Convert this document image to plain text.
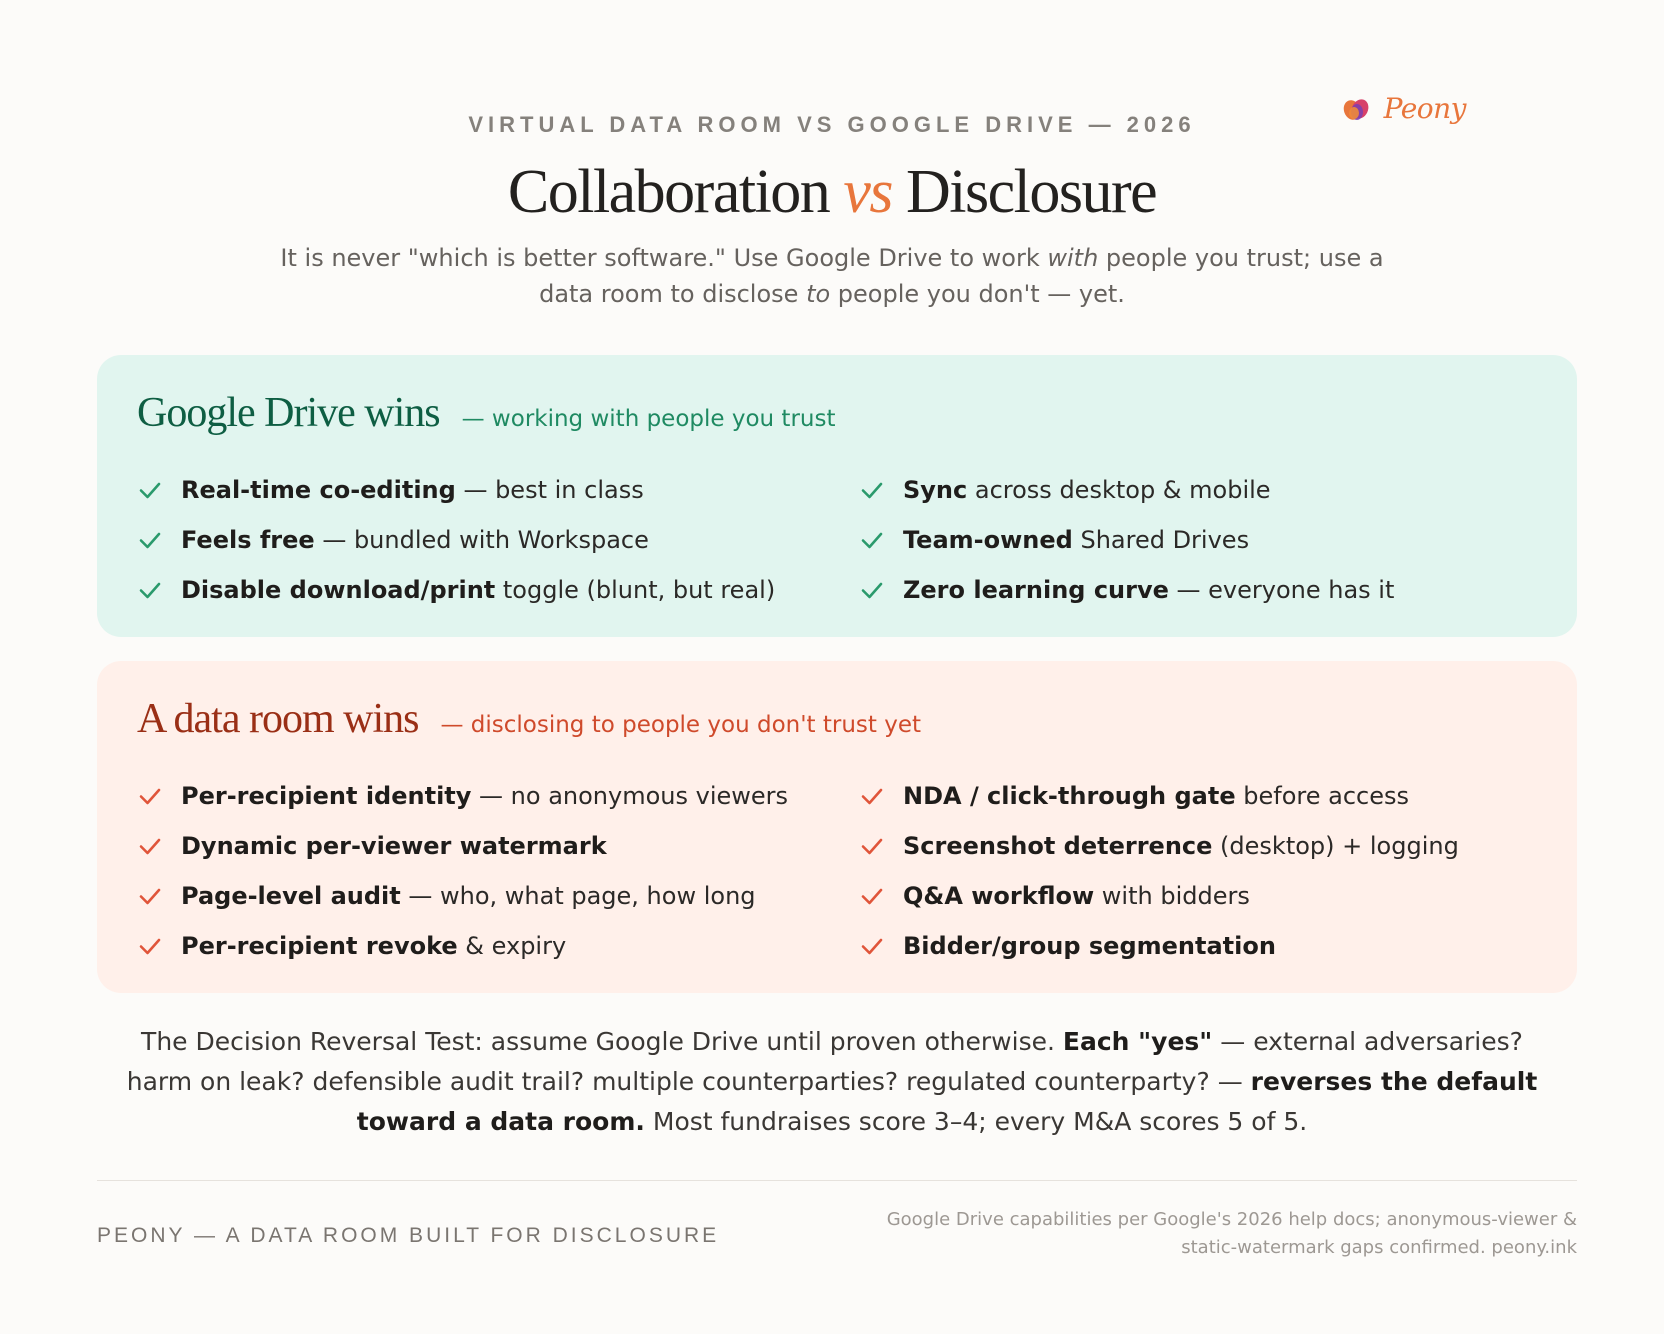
Peony
VIRTUAL DATA ROOM VS GOOGLE DRIVE — 2026
Collaboration vs Disclosure

It is never "which is better software." Use Google Drive to work with people you trust; use a data room to disclose to people you don't — yet.

Google Drive wins — working with people you trust
Real-time co-editing — best in class	Sync across desktop & mobile
Feels free — bundled with Workspace	Team-owned Shared Drives
Disable download/print toggle (blunt, but real)	Zero learning curve — everyone has it
A data room wins — disclosing to people you don't trust yet
Per-recipient identity — no anonymous viewers	NDA / click-through gate before access
Dynamic per-viewer watermark	Screenshot deterrence (desktop) + logging
Page-level audit — who, what page, how long	Q&A workflow with bidders
Per-recipient revoke & expiry	Bidder/group segmentation

The Decision Reversal Test: assume Google Drive until proven otherwise. Each "yes" — external adversaries? harm on leak? defensible audit trail? multiple counterparties? regulated counterparty? — reverses the default toward a data room. Most fundraises score 3–4; every M&A scores 5 of 5.

PEONY — A DATA ROOM BUILT FOR DISCLOSURE
Google Drive capabilities per Google's 2026 help docs; anonymous-viewer &
static-watermark gaps confirmed. peony.ink
